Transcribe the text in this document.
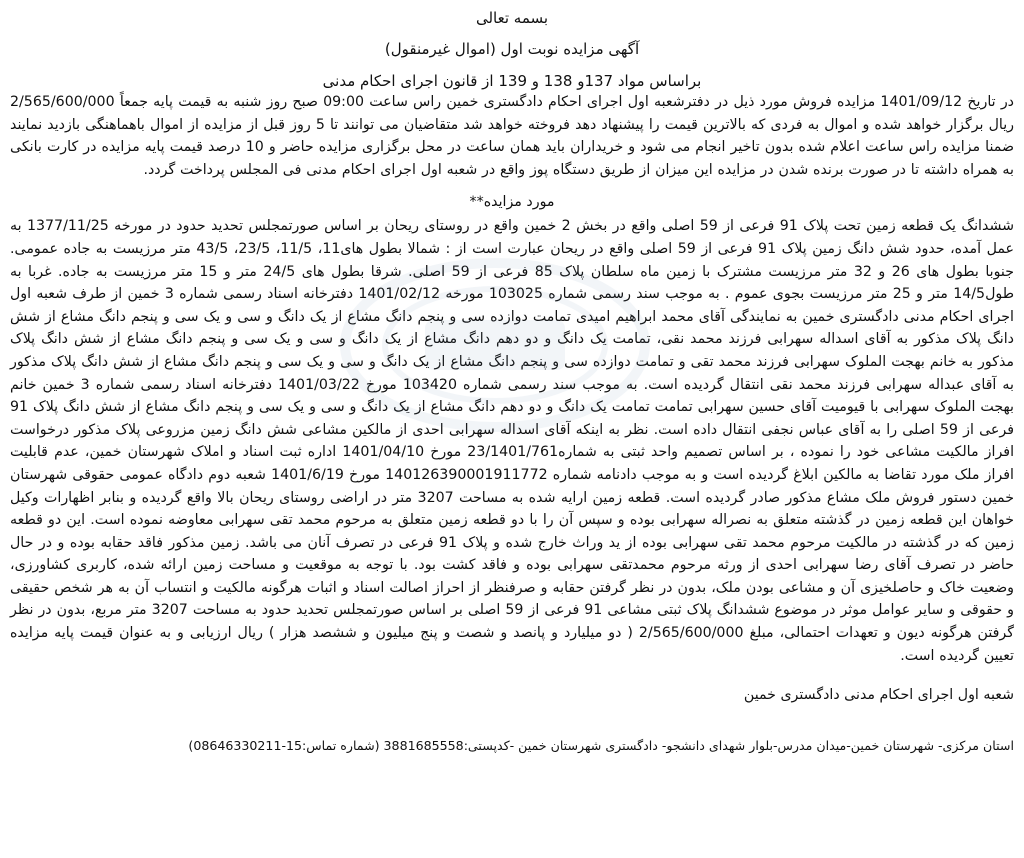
بسمه تعالی

آگهی مزایده نوبت اول (اموال غیرمنقول)

براساس مواد 137و 138 و 139 از قانون اجرای احکام مدنی

در تاریخ 1401/09/12 مزایده فروش مورد ذیل در دفترشعبه اول اجرای احکام دادگستری خمین راس ساعت 09:00 صبح روز شنبه به قیمت پایه جمعاً 2/565/600/000 ریال برگزار خواهد شده و اموال به فردی که بالاترین قیمت را پیشنهاد دهد فروخته خواهد شد متقاضیان می توانند تا 5 روز قبل از مزایده از اموال باهماهنگی بازدید نمایند ضمنا مزایده راس ساعت اعلام شده بدون تاخیر انجام می شود و خریداران باید همان ساعت در محل برگزاری مزایده حاضر و 10 درصد قیمت پایه مزایده در کارت بانکی به همراه داشته تا در صورت برنده شدن در مزایده این میزان از طریق دستگاه پوز واقع در شعبه اول اجرای احکام مدنی فی المجلس پرداخت گردد.

مورد مزایده**

ششدانگ یک قطعه زمین تحت پلاک 91 فرعی از 59 اصلی واقع در بخش 2 خمین واقع در روستای ریحان بر اساس صورتمجلس تحدید حدود در مورخه 1377/11/25 به عمل آمده، حدود شش دانگ زمین پلاک 91 فرعی از 59 اصلی واقع در ریحان عبارت است از : شمالا بطول های11، 11/5، 23/5، 43/5 متر مرزیست به جاده عمومی. جنوبا بطول های 26 و 32 متر مرزیست مشترک با زمین ماه سلطان پلاک 85 فرعی از 59 اصلی. شرقا بطول های 24/5 متر و 15 متر مرزیست به جاده. غربا به طول14/5 متر و 25 متر مرزیست بجوی عموم . به موجب سند رسمی شماره 103025 مورخه 1401/02/12 دفترخانه اسناد رسمی شماره 3 خمین از طرف شعبه اول اجرای احکام مدنی دادگستری خمین به نمایندگی آقای محمد ابراهیم امیدی تمامت دوازده سی و پنجم دانگ مشاع از یک دانگ و سی و یک سی و پنجم دانگ مشاع از شش دانگ پلاک مذکور به آقای اسداله سهرابی فرزند محمد نقی، تمامت یک دانگ و دو دهم دانگ مشاع از یک دانگ و سی و یک سی و پنجم دانگ مشاع از شش دانگ پلاک مذکور به خانم بهجت الملوک سهرابی فرزند محمد تقی و تمامت دوازده سی و پنجم دانگ مشاع از یک دانگ و سی و یک سی و پنجم دانگ مشاع از شش دانگ پلاک مذکور به آقای عبداله سهرابی فرزند محمد نقی انتقال گردیده است. به موجب سند رسمی شماره 103420 مورخ 1401/03/22 دفترخانه اسناد رسمی شماره 3 خمین خانم بهجت الملوک سهرابی با قیومیت آقای حسین سهرابی تمامت تمامت یک دانگ و دو دهم دانگ مشاع از یک دانگ و سی و یک سی و پنجم دانگ مشاع از شش دانگ پلاک 91 فرعی از 59 اصلی را به آقای عباس نجفی انتقال داده است. نظر به اینکه آقای اسداله سهرابی احدی از مالکین مشاعی شش دانگ زمین مزروعی پلاک مذکور درخواست افراز مالکیت مشاعی خود را نموده ، بر اساس تصمیم واحد ثبتی به شماره23/1401/761 مورخ 1401/04/10 اداره ثبت اسناد و املاک شهرستان خمین، عدم قابلیت افراز ملک مورد تقاضا به مالکین ابلاغ گردیده است و به موجب دادنامه شماره 140126390001911772 مورخ 1401/6/19 شعبه دوم دادگاه عمومی حقوقی شهرستان خمین دستور فروش ملک مشاع مذکور صادر گردیده است. قطعه زمین ارایه شده به مساحت 3207 متر در اراضی روستای ریحان بالا واقع گردیده و بنابر اظهارات وکیل خواهان این قطعه زمین در گذشته متعلق به نصراله سهرابی بوده و سپس آن را با دو قطعه زمین متعلق به مرحوم محمد تقی سهرابی معاوضه نموده است. این دو قطعه زمین که در گذشته در مالکیت مرحوم محمد تقی سهرابی بوده از ید وراث خارج شده و پلاک 91 فرعی در تصرف آنان می باشد. زمین مذکور فاقد حقابه بوده و در حال حاضر در تصرف آقای رضا سهرابی احدی از ورثه مرحوم محمدتقی سهرابی بوده و فاقد کشت بود. با توجه به موقعیت و مساحت زمین ارائه شده، کاربری کشاورزی، وضعیت خاک و حاصلخیزی آن و مشاعی بودن ملک، بدون در نظر گرفتن حقابه و صرفنظر از احراز اصالت اسناد و اثبات هرگونه مالکیت و انتساب آن به هر شخص حقیقی و حقوقی و سایر عوامل موثر در موضوع ششدانگ پلاک ثبتی مشاعی 91 فرعی از 59 اصلی بر اساس صورتمجلس تحدید حدود به مساحت 3207 متر مربع، بدون در نظر گرفتن هرگونه دیون و تعهدات احتمالی، مبلغ 2/565/600/000 ( دو میلیارد و پانصد و شصت و پنج میلیون و ششصد هزار ) ریال ارزیابی و به عنوان قیمت پایه مزایده تعیین گردیده است.

شعبه اول اجرای احکام مدنی دادگستری خمین

استان مرکزی- شهرستان خمین-میدان مدرس-بلوار شهدای دانشجو- دادگستری شهرستان خمین -کدپستی:3881685558 (شماره تماس:15-08646330211)
